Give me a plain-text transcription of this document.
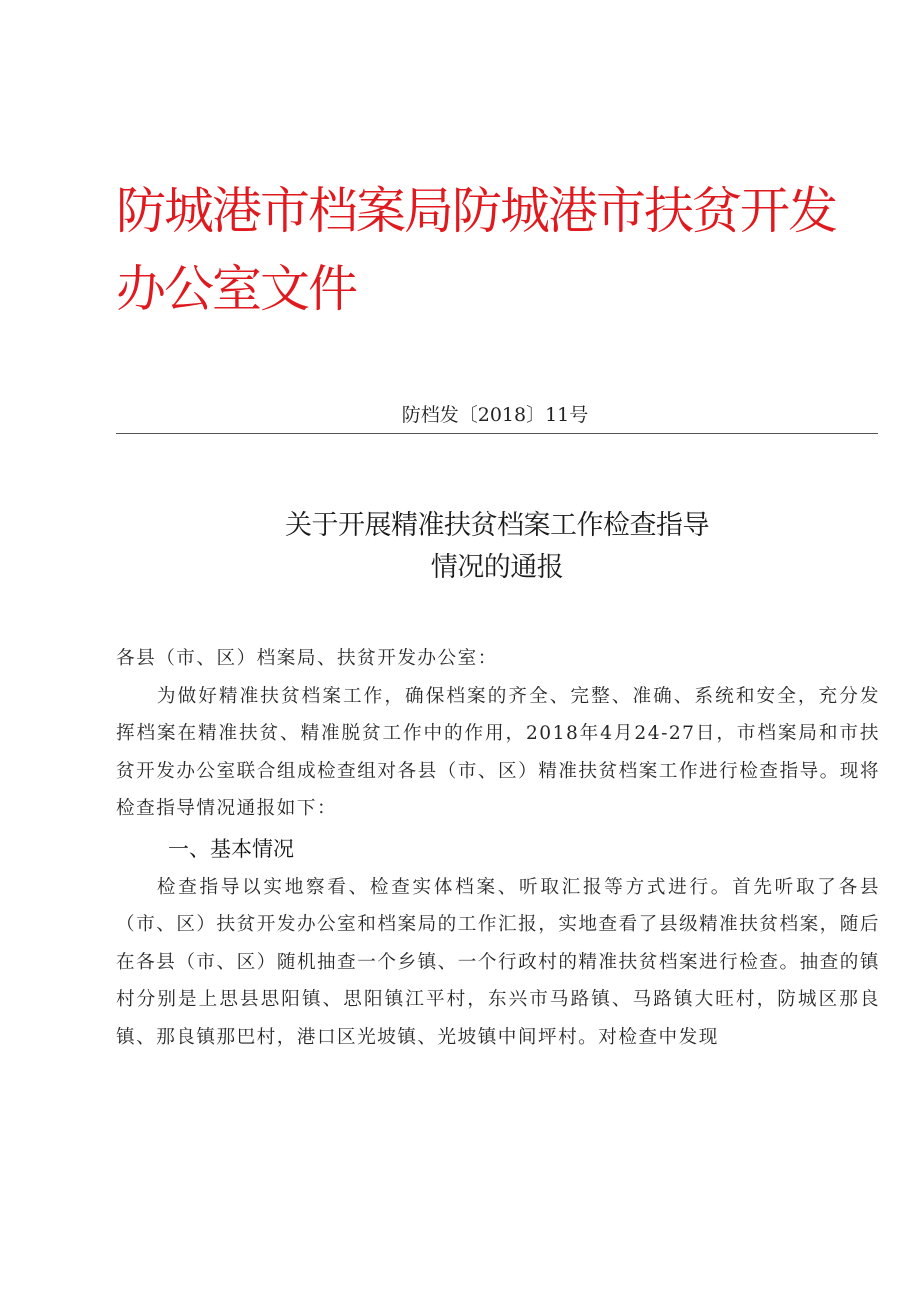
防城港市档案局防城港市扶贫开发办公室文件
防档发〔2018〕11号
关于开展精准扶贫档案工作检查指导
情况的通报

各县（市、区）档案局、扶贫开发办公室：

为做好精准扶贫档案工作，确保档案的齐全、完整、准确、系统和安全，充分发挥档案在精准扶贫、精准脱贫工作中的作用，2018年4月24-27日，市档案局和市扶贫开发办公室联合组成检查组对各县（市、区）精准扶贫档案工作进行检查指导。现将检查指导情况通报如下：

一、基本情况

检查指导以实地察看、检查实体档案、听取汇报等方式进行。首先听取了各县（市、区）扶贫开发办公室和档案局的工作汇报，实地查看了县级精准扶贫档案，随后在各县（市、区）随机抽查一个乡镇、一个行政村的精准扶贫档案进行检查。抽查的镇村分别是上思县思阳镇、思阳镇江平村，东兴市马路镇、马路镇大旺村，防城区那良镇、那良镇那巴村，港口区光坡镇、光坡镇中间坪村。对检查中发现
